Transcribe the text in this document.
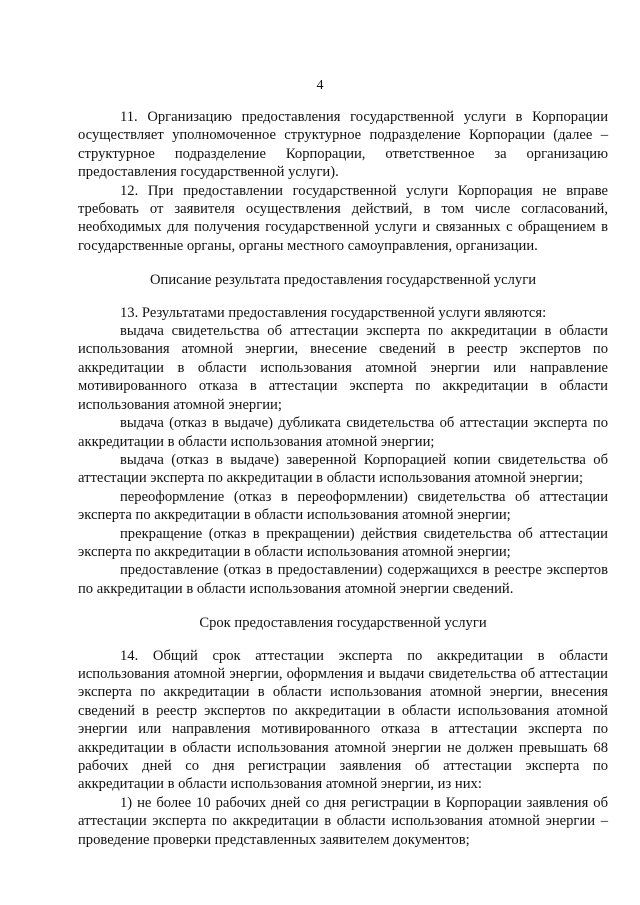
4

11. Организацию предоставления государственной услуги в Корпорации осуществляет уполномоченное структурное подразделение Корпорации (далее – структурное подразделение Корпорации, ответственное за организацию предоставления государственной услуги).

12. При предоставлении государственной услуги Корпорация не вправе требовать от заявителя осуществления действий, в том числе согласований, необходимых для получения государственной услуги и связанных с обращением в государственные органы, органы местного самоуправления, организации.

Описание результата предоставления государственной услуги

13. Результатами предоставления государственной услуги являются:

выдача свидетельства об аттестации эксперта по аккредитации в области использования атомной энергии, внесение сведений в реестр экспертов по аккредитации в области использования атомной энергии или направление мотивированного отказа в аттестации эксперта по аккредитации в области использования атомной энергии;

выдача (отказ в выдаче) дубликата свидетельства об аттестации эксперта по аккредитации в области использования атомной энергии;

выдача (отказ в выдаче) заверенной Корпорацией копии свидетельства об аттестации эксперта по аккредитации в области использования атомной энергии;

переоформление (отказ в переоформлении) свидетельства об аттестации эксперта по аккредитации в области использования атомной энергии;

прекращение (отказ в прекращении) действия свидетельства об аттестации эксперта по аккредитации в области использования атомной энергии;

предоставление (отказ в предоставлении) содержащихся в реестре экспертов по аккредитации в области использования атомной энергии сведений.

Срок предоставления государственной услуги

14. Общий срок аттестации эксперта по аккредитации в области использования атомной энергии, оформления и выдачи свидетельства об аттестации эксперта по аккредитации в области использования атомной энергии, внесения сведений в реестр экспертов по аккредитации в области использования атомной энергии или направления мотивированного отказа в аттестации эксперта по аккредитации в области использования атомной энергии не должен превышать 68 рабочих дней со дня регистрации заявления об аттестации эксперта по аккредитации в области использования атомной энергии, из них:

1) не более 10 рабочих дней со дня регистрации в Корпорации заявления об аттестации эксперта по аккредитации в области использования атомной энергии – проведение проверки представленных заявителем документов;
